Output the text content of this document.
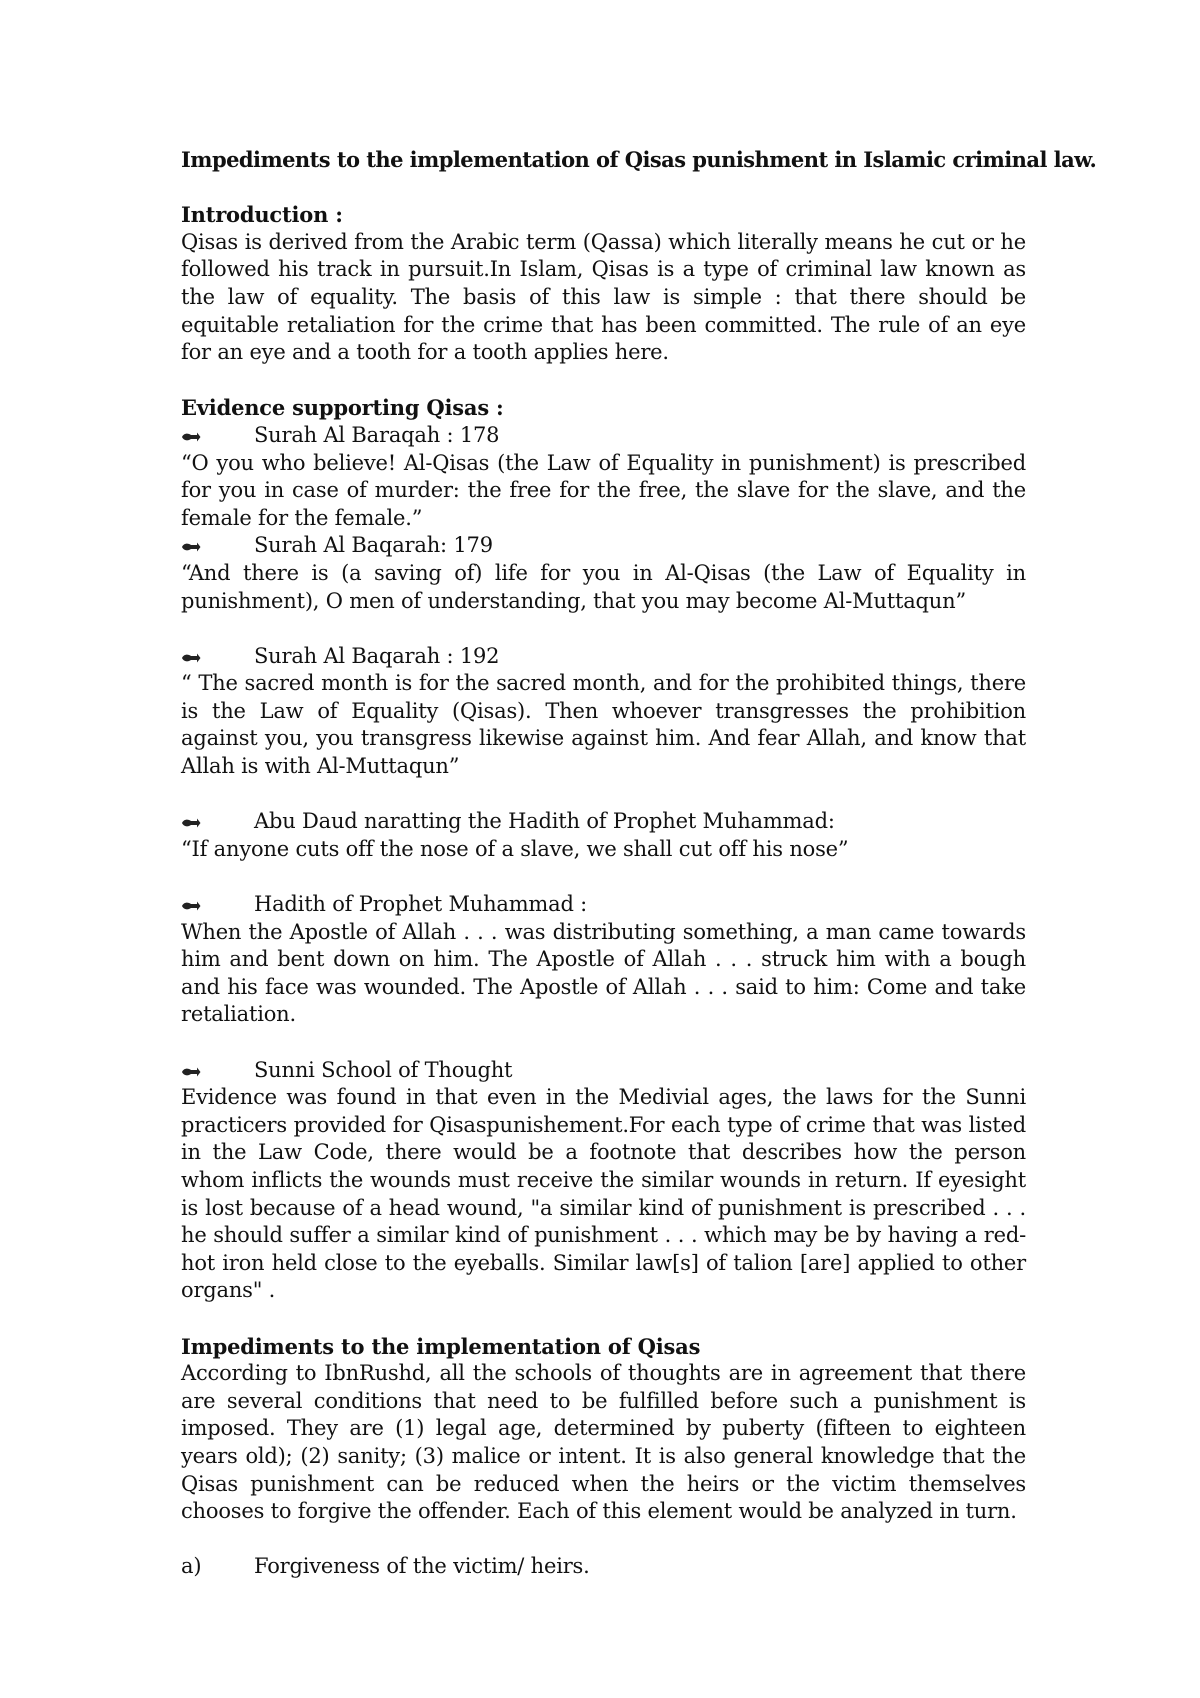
Impediments to the implementation of Qisas punishment in Islamic criminal law.
Introduction :

Qisas is derived from the Arabic term (Qassa) which literally means he cut or he followed his track in pursuit.In Islam, Qisas is a type of criminal law known as the law of equality. The basis of this law is simple : that there should be equitable retaliation for the crime that has been committed. The rule of an eye for an eye and a tooth for a tooth applies here.

Evidence supporting Qisas :
Surah Al Baraqah : 178

“O you who believe! Al-Qisas (the Law of Equality in punishment) is prescribed for you in case of murder: the free for the free, the slave for the slave, and the female for the female.”

Surah Al Baqarah: 179

“And there is (a saving of) life for you in Al-Qisas (the Law of Equality in punishment), O men of understanding, that you may become Al-Muttaqun”

Surah Al Baqarah : 192

“ The sacred month is for the sacred month, and for the prohibited things, there is the Law of Equality (Qisas). Then whoever transgresses the prohibition against you, you transgress likewise against him. And fear Allah, and know that Allah is with Al-Muttaqun”

Abu Daud naratting the Hadith of Prophet Muhammad:

“If anyone cuts off the nose of a slave, we shall cut off his nose”

Hadith of Prophet Muhammad :

When the Apostle of Allah . . . was distributing something, a man came towards him and bent down on him. The Apostle of Allah . . . struck him with a bough and his face was wounded. The Apostle of Allah . . . said to him: Come and take retaliation.

Sunni School of Thought

Evidence was found in that even in the Medivial ages, the laws for the Sunni practicers provided for Qisaspunishement.For each type of crime that was listed in the Law Code, there would be a footnote that describes how the person whom inflicts the wounds must receive the similar wounds in return. If eyesight is lost because of a head wound, "a similar kind of punishment is prescribed . . . he should suffer a similar kind of punishment . . . which may be by having a red-hot iron held close to the eyeballs. Similar law[s] of talion [are] applied to other organs" .

Impediments to the implementation of Qisas

According to IbnRushd, all the schools of thoughts are in agreement that there are several conditions that need to be fulfilled before such a punishment is imposed. They are (1) legal age, determined by puberty (fifteen to eighteen years old); (2) sanity; (3) malice or intent. It is also general knowledge that the Qisas punishment can be reduced when the heirs or the victim themselves chooses to forgive the offender. Each of this element would be analyzed in turn.

a)	Forgiveness of the victim/ heirs.
